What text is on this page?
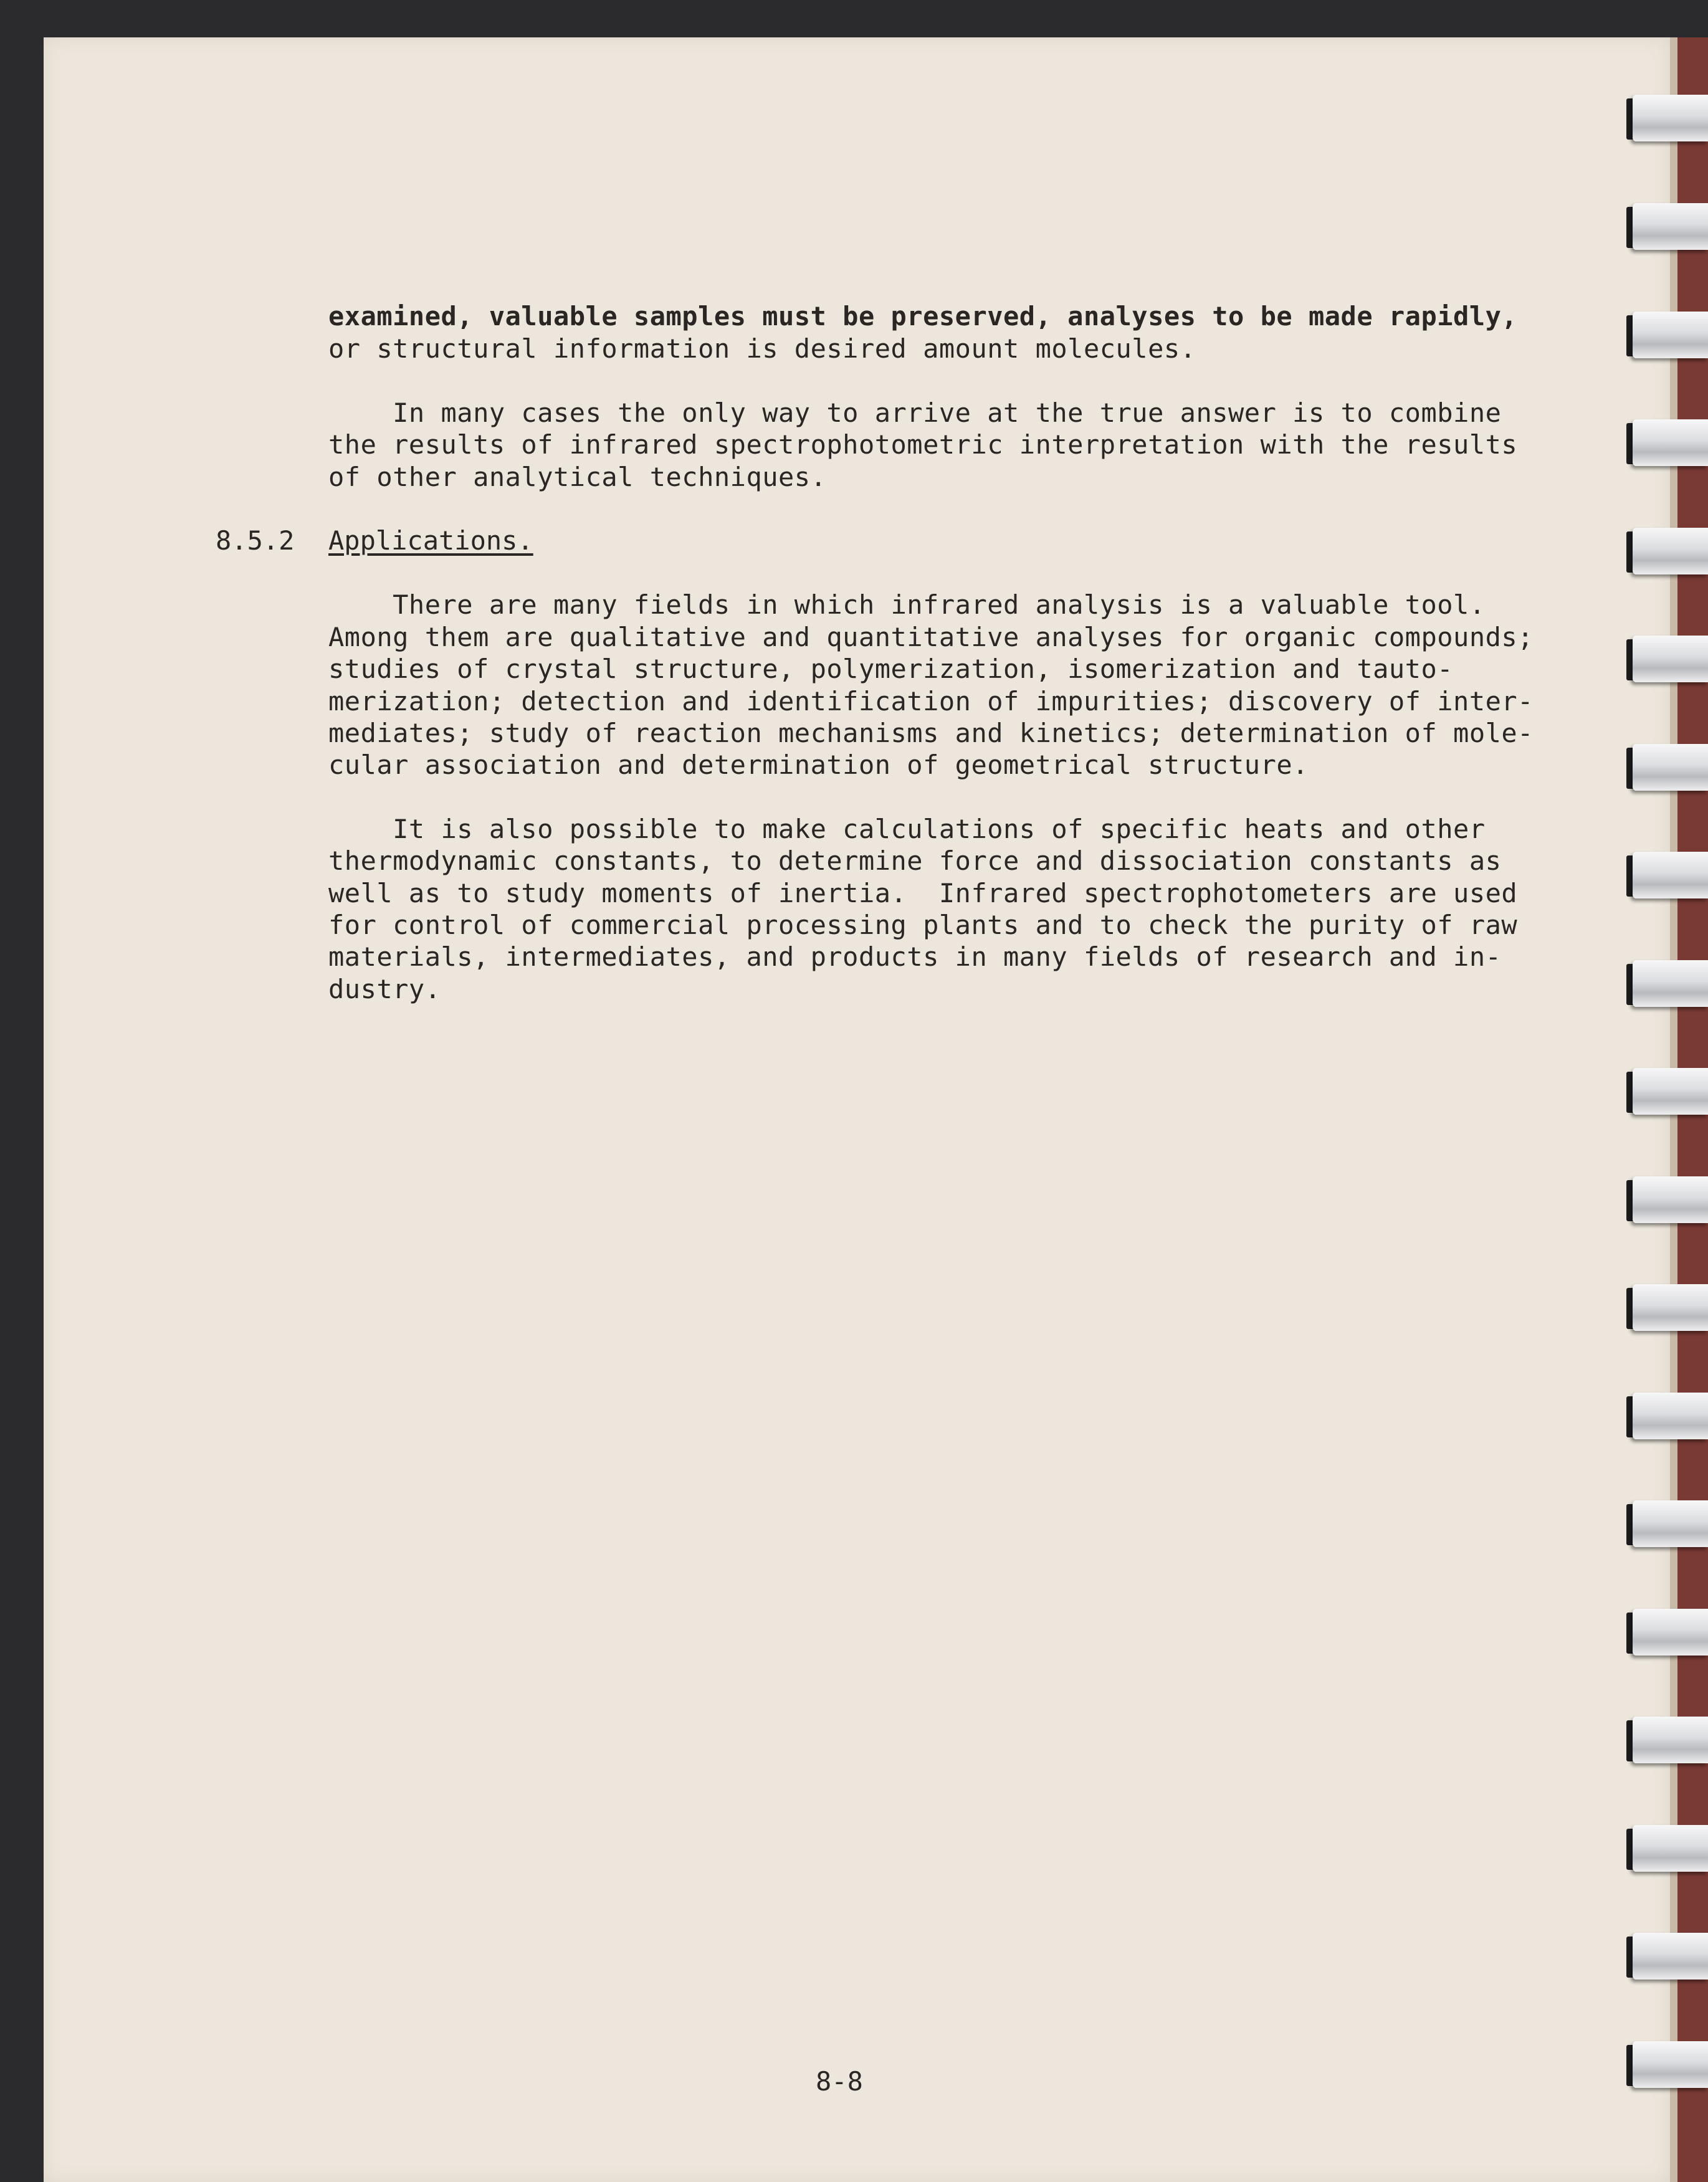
examined, valuable samples must be preserved, analyses to be made rapidly,
or structural information is desired amount molecules.
In many cases the only way to arrive at the true answer is to combine
the results of infrared spectrophotometric interpretation with the results
of other analytical techniques.
8.5.2 Applications.
There are many fields in which infrared analysis is a valuable tool.
Among them are qualitative and quantitative analyses for organic compounds;
studies of crystal structure, polymerization, isomerization and tauto-
merization; detection and identification of impurities; discovery of inter-
mediates; study of reaction mechanisms and kinetics; determination of mole-
cular association and determination of geometrical structure.
It is also possible to make calculations of specific heats and other
thermodynamic constants, to determine force and dissociation constants as
well as to study moments of inertia.  Infrared spectrophotometers are used
for control of commercial processing plants and to check the purity of raw
materials, intermediates, and products in many fields of research and in-
dustry.
8-8
